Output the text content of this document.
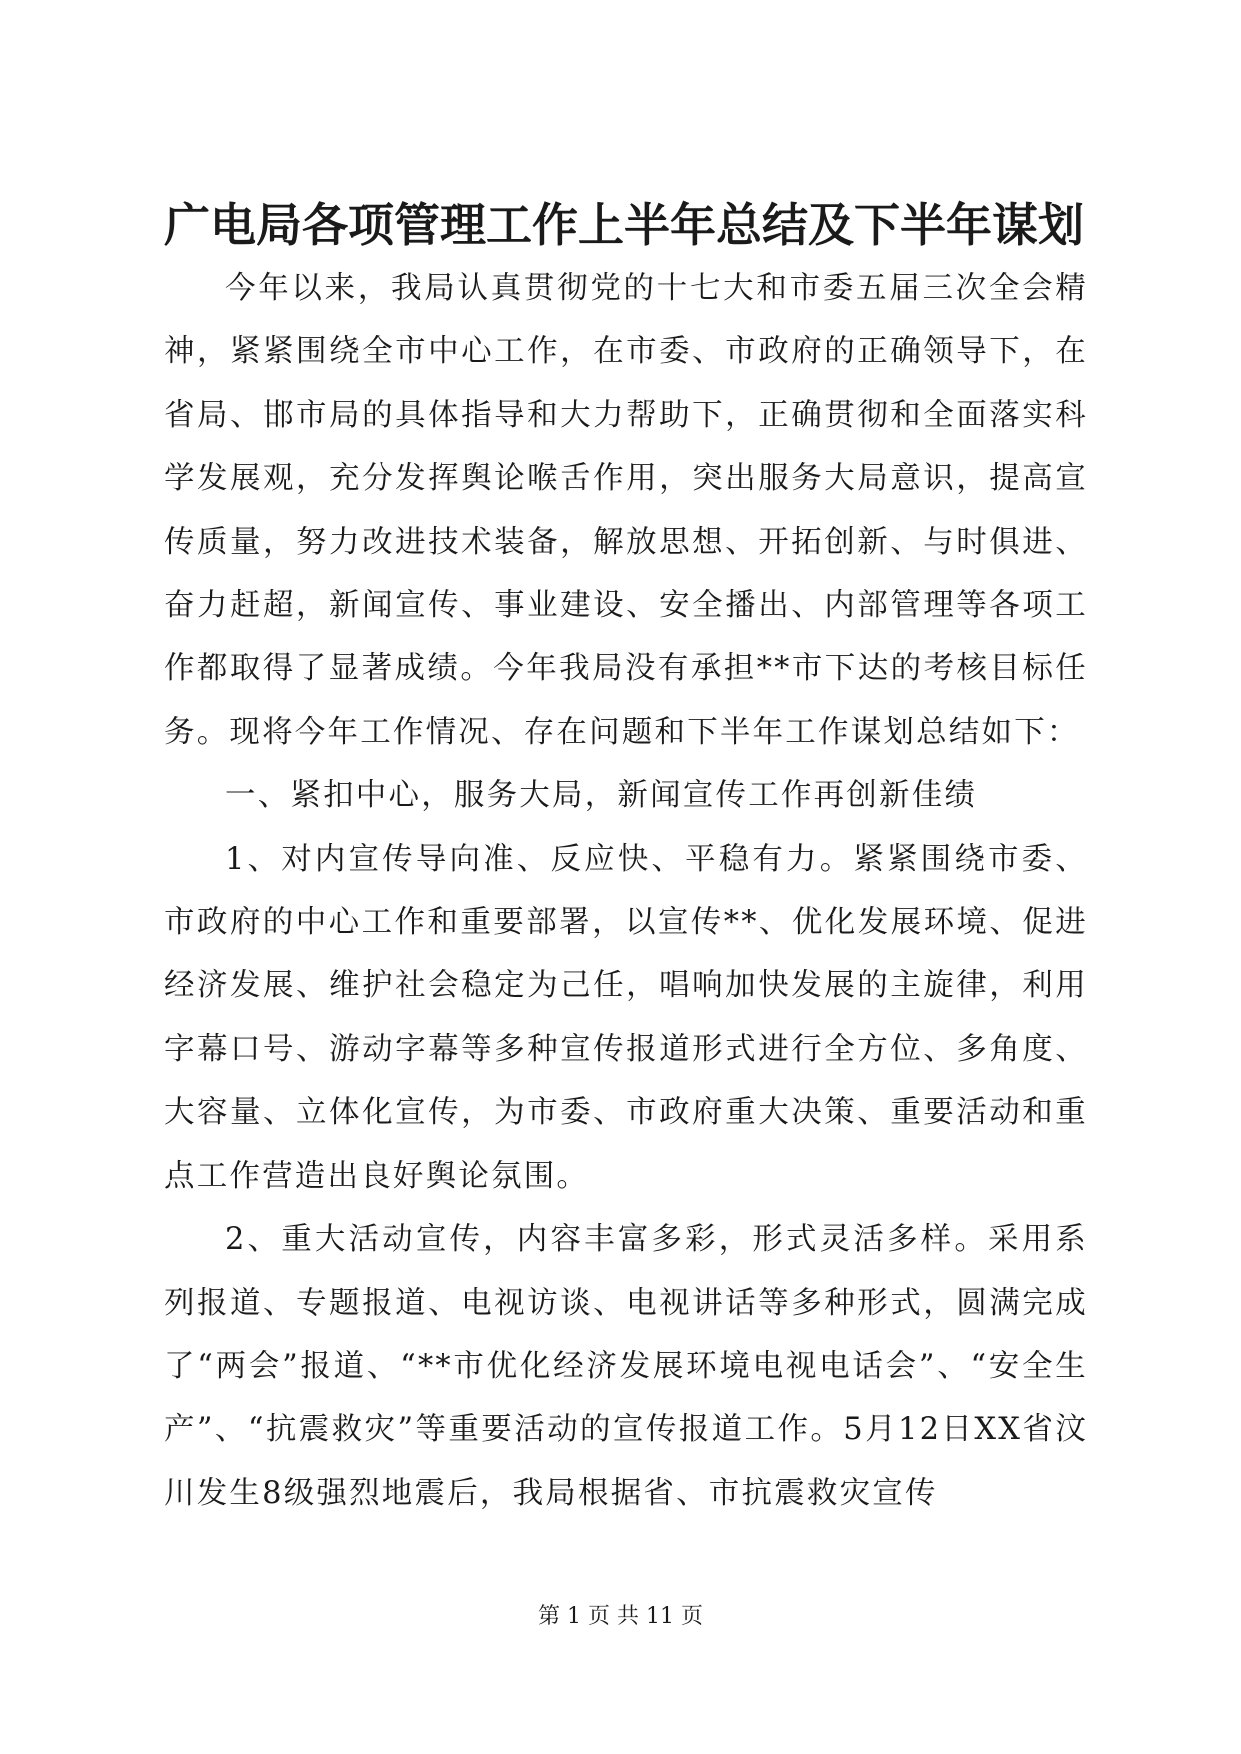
广电局各项管理工作上半年总结及下半年谋划

今年以来，我局认真贯彻党的十七大和市委五届三次全会精神，紧紧围绕全市中心工作，在市委、市政府的正确领导下，在省局、邯市局的具体指导和大力帮助下，正确贯彻和全面落实科学发展观，充分发挥舆论喉舌作用，突出服务大局意识，提高宣传质量，努力改进技术装备，解放思想、开拓创新、与时俱进、奋力赶超，新闻宣传、事业建设、安全播出、内部管理等各项工作都取得了显著成绩。今年我局没有承担**市下达的考核目标任务。现将今年工作情况、存在问题和下半年工作谋划总结如下：

一、紧扣中心，服务大局，新闻宣传工作再创新佳绩

1、对内宣传导向准、反应快、平稳有力。紧紧围绕市委、市政府的中心工作和重要部署，以宣传**、优化发展环境、促进经济发展、维护社会稳定为己任，唱响加快发展的主旋律，利用字幕口号、游动字幕等多种宣传报道形式进行全方位、多角度、大容量、立体化宣传，为市委、市政府重大决策、重要活动和重点工作营造出良好舆论氛围。

2、重大活动宣传，内容丰富多彩，形式灵活多样。采用系列报道、专题报道、电视访谈、电视讲话等多种形式，圆满完成了“两会”报道、“**市优化经济发展环境电视电话会”、“安全生产”、“抗震救灾”等重要活动的宣传报道工作。5月12日XX省汶川发生8级强烈地震后，我局根据省、市抗震救灾宣传

第 1 页 共 11 页
